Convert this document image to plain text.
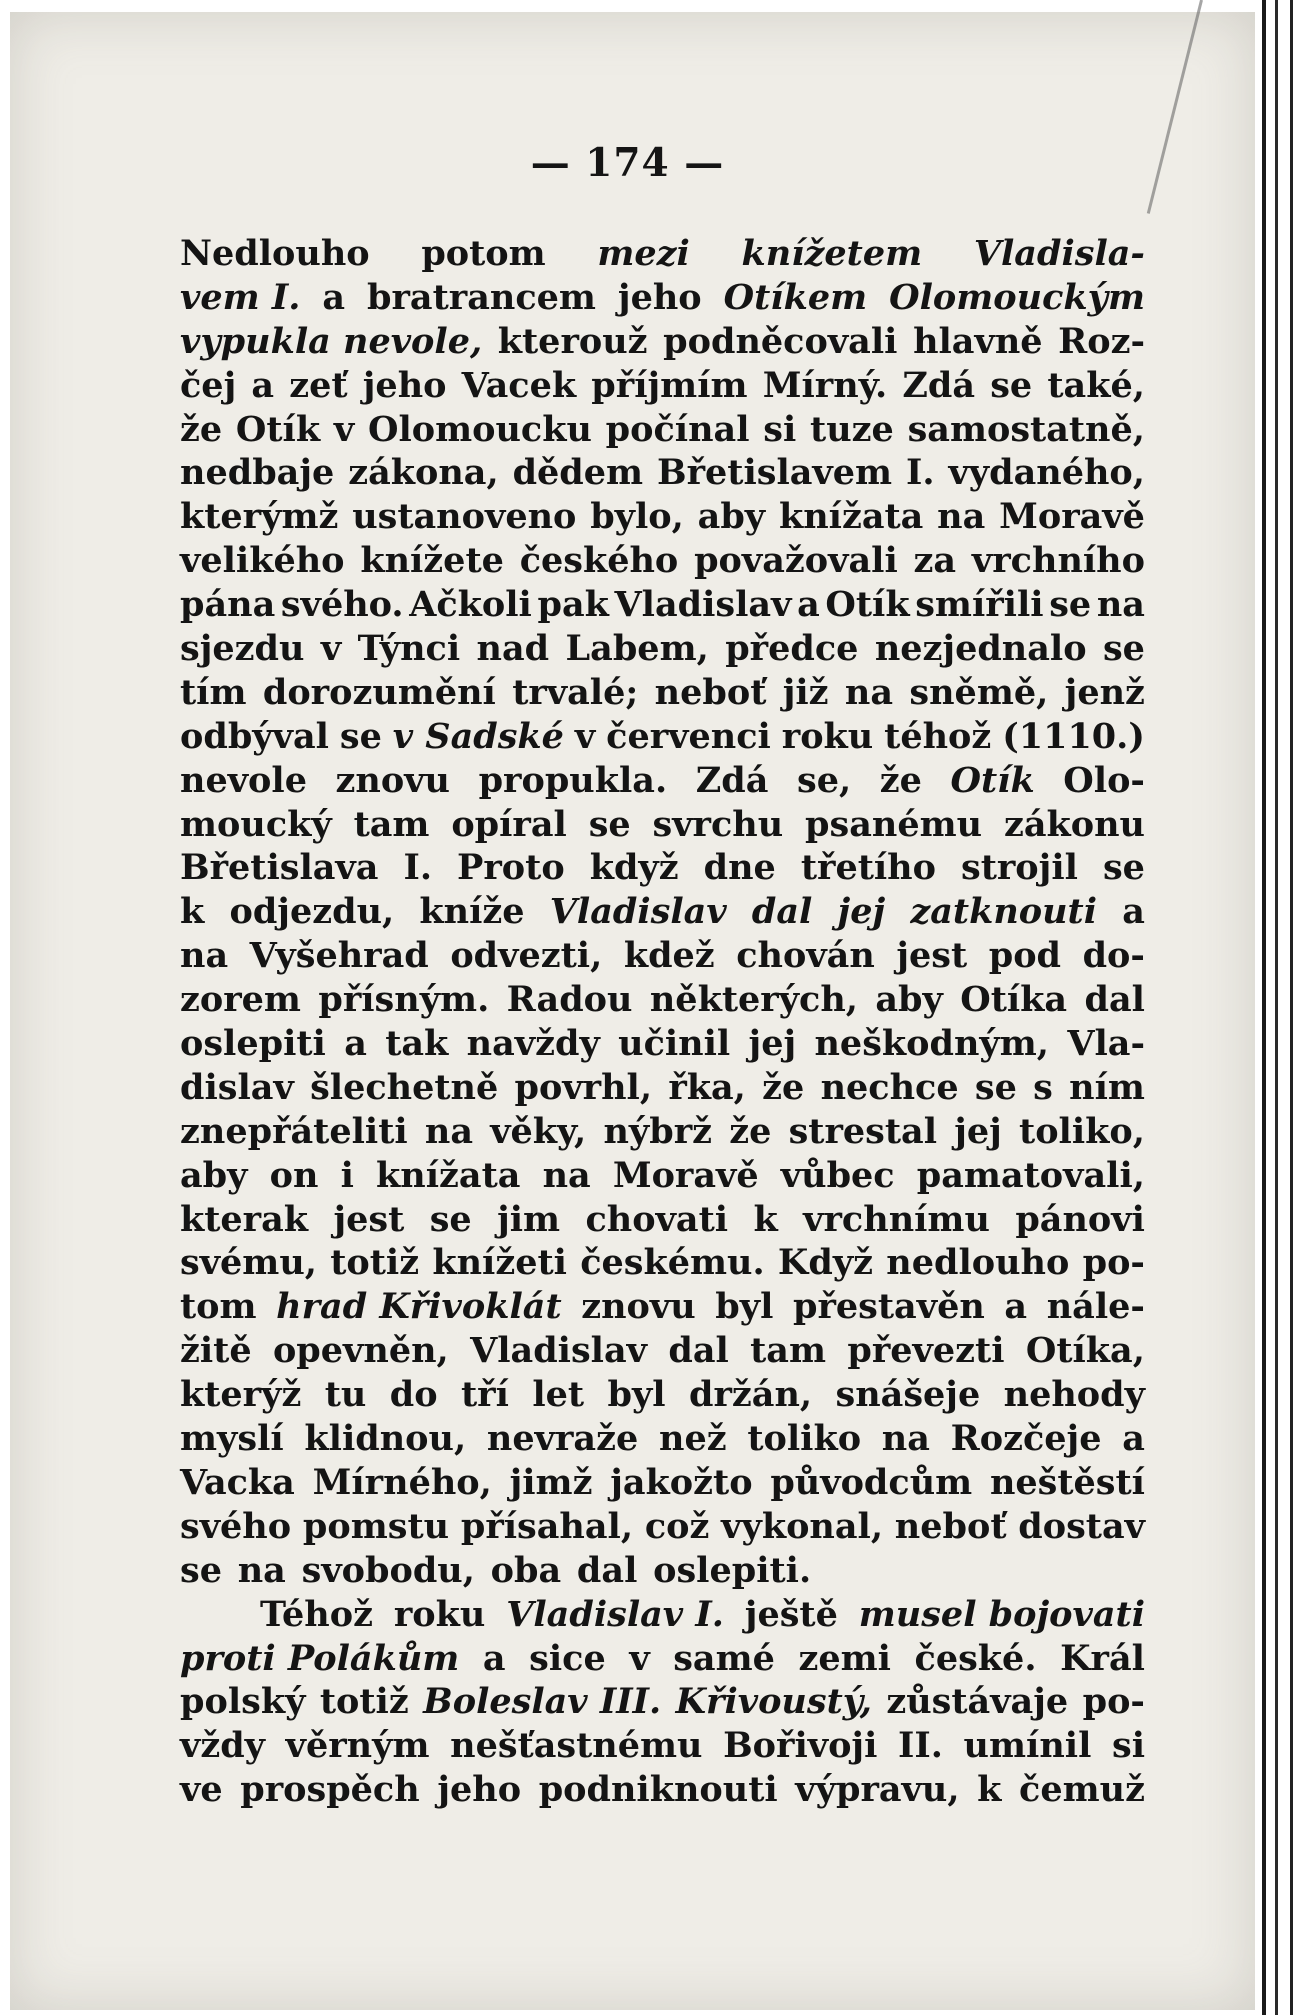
— 174 —
Nedlouho potom mezi knížetem Vladisla-
vem I. a bratrancem jeho Otíkem Olomouckým
vypukla nevole, kterouž podněcovali hlavně Roz-
čej a zeť jeho Vacek příjmím Mírný. Zdá se také,
že Otík v Olomoucku počínal si tuze samostatně,
nedbaje zákona, dědem Břetislavem I. vydaného,
kterýmž ustanoveno bylo, aby knížata na Moravě
velikého knížete českého považovali za vrchního
pána svého. Ačkoli pak Vladislav a Otík smířili se na
sjezdu v Týnci nad Labem, předce nezjednalo se
tím dorozumění trvalé; neboť již na sněmě, jenž
odbýval se v Sadské v červenci roku téhož (1110.)
nevole znovu propukla. Zdá se, že Otík Olo-
moucký tam opíral se svrchu psanému zákonu
Břetislava I. Proto když dne třetího strojil se
k odjezdu, kníže Vladislav dal jej zatknouti a
na Vyšehrad odvezti, kdež chován jest pod do-
zorem přísným. Radou některých, aby Otíka dal
oslepiti a tak navždy učinil jej neškodným, Vla-
dislav šlechetně povrhl, řka, že nechce se s ním
znepřáteliti na věky, nýbrž že strestal jej toliko,
aby on i knížata na Moravě vůbec pamatovali,
kterak jest se jim chovati k vrchnímu pánovi
svému, totiž knížeti českému. Když nedlouho po-
tom hrad Křivoklát znovu byl přestavěn a nále-
žitě opevněn, Vladislav dal tam převezti Otíka,
kterýž tu do tří let byl držán, snášeje nehody
myslí klidnou, nevraže než toliko na Rozčeje a
Vacka Mírného, jimž jakožto původcům neštěstí
svého pomstu přísahal, což vykonal, neboť dostav
se na svobodu, oba dal oslepiti.
Téhož roku Vladislav I. ještě musel bojovati
proti Polákům a sice v samé zemi české. Král
polský totiž Boleslav III. Křivoustý, zůstávaje po-
vždy věrným nešťastnému Bořivoji II. umínil si
ve prospěch jeho podniknouti výpravu, k čemuž
